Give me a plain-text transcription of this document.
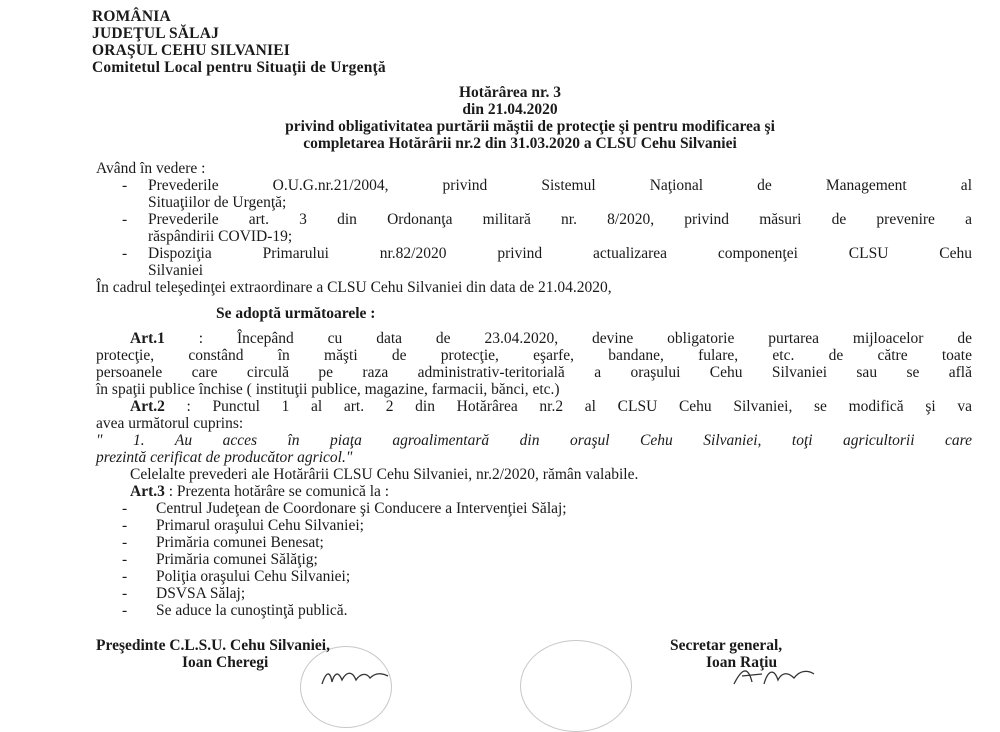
ROMÂNIA
JUDEŢUL SĂLAJ
ORAŞUL CEHU SILVANIEI
Comitetul Local pentru Situaţii de Urgenţă
Hotărârea nr. 3
din 21.04.2020
privind obligativitatea purtării măştii de protecţie şi pentru modificarea şi
completarea Hotărârii nr.2 din 31.03.2020 a CLSU Cehu Silvaniei
Având în vedere :
- Prevederile O.U.G.nr.21/2004, privind Sistemul Naţional de Management al
Situaţiilor de Urgenţă;
- Prevederile art. 3 din Ordonanţa militară nr. 8/2020, privind măsuri de prevenire a
răspândirii COVID-19;
- Dispoziţia Primarului nr.82/2020 privind actualizarea componenţei CLSU Cehu
Silvaniei
În cadrul teleşedinţei extraordinare a CLSU Cehu Silvaniei din data de 21.04.2020,
Se adoptă următoarele :
Art.1 : Începând cu data de 23.04.2020, devine obligatorie purtarea mijloacelor de
protecţie, constând în măşti de protecţie, eşarfe, bandane, fulare, etc. de către toate
persoanele care circulă pe raza administrativ-teritorială a oraşului Cehu Silvaniei sau se află
în spaţii publice închise ( instituţii publice, magazine, farmacii, bănci, etc.)
Art.2 : Punctul 1 al art. 2 din Hotărârea nr.2 al CLSU Cehu Silvaniei, se modifică şi va
avea următorul cuprins:
" 1. Au acces în piaţa agroalimentară din oraşul Cehu Silvaniei, toţi agricultorii care
prezintă cerificat de producător agricol."
Celelalte prevederi ale Hotărârii CLSU Cehu Silvaniei, nr.2/2020, rămân valabile.
Art.3 : Prezenta hotărâre se comunică la :
- Centrul Judeţean de Coordonare şi Conducere a Intervenţiei Sălaj;
- Primarul oraşului Cehu Silvaniei;
- Primăria comunei Benesat;
- Primăria comunei Sălăţig;
- Poliţia oraşului Cehu Silvaniei;
- DSVSA Sălaj;
- Se aduce la cunoştinţă publică.
Preşedinte C.L.S.U. Cehu Silvaniei,
Ioan Cheregi
Secretar general,
Ioan Raţiu
